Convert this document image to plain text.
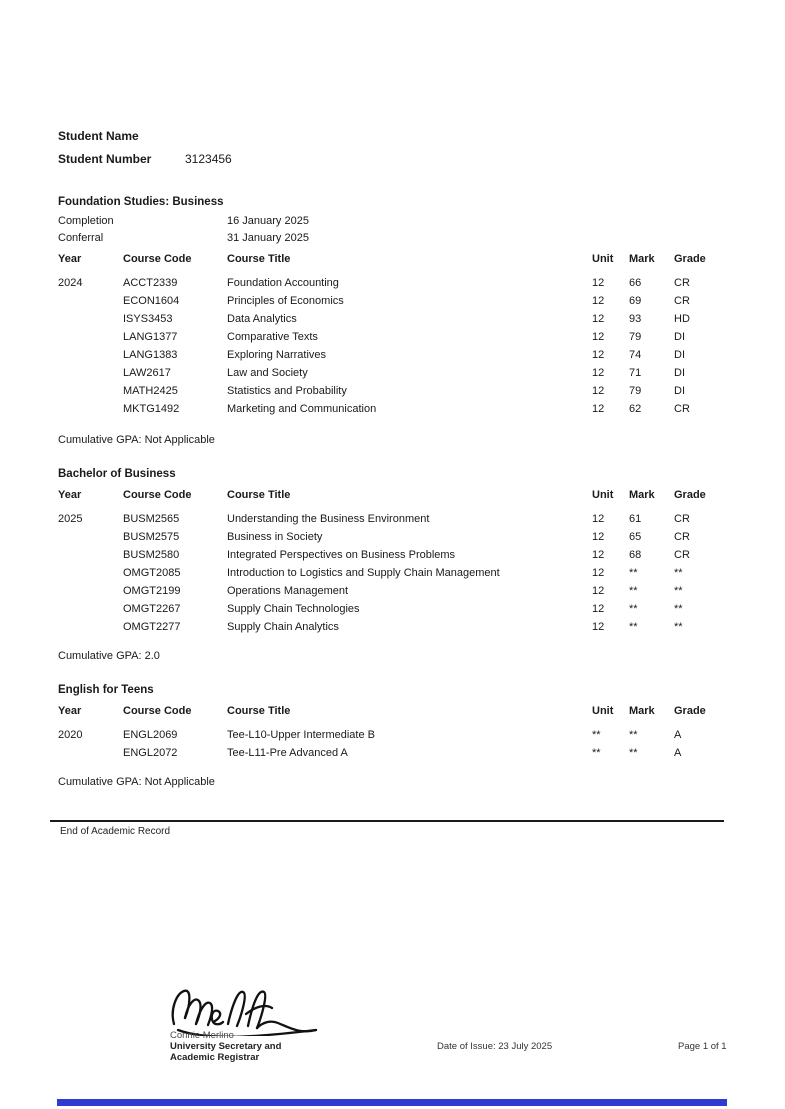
Student Name
Student Number	3123456
Foundation Studies: Business
Completion	16 January 2025
Conferral	31 January 2025
Year	Course Code	Course Title	Unit	Mark	Grade
2024	ACCT2339	Foundation Accounting	12	66	CR
ECON1604	Principles of Economics	12	69	CR
ISYS3453	Data Analytics	12	93	HD
LANG1377	Comparative Texts	12	79	DI
LANG1383	Exploring Narratives	12	74	DI
LAW2617	Law and Society	12	71	DI
MATH2425	Statistics and Probability	12	79	DI
MKTG1492	Marketing and Communication	12	62	CR
Cumulative GPA: Not Applicable
Bachelor of Business
Year	Course Code	Course Title	Unit	Mark	Grade
2025	BUSM2565	Understanding the Business Environment	12	61	CR
BUSM2575	Business in Society	12	65	CR
BUSM2580	Integrated Perspectives on Business Problems	12	68	CR
OMGT2085	Introduction to Logistics and Supply Chain Management	12	**	**
OMGT2199	Operations Management	12	**	**
OMGT2267	Supply Chain Technologies	12	**	**
OMGT2277	Supply Chain Analytics	12	**	**
Cumulative GPA: 2.0
English for Teens
Year	Course Code	Course Title	Unit	Mark	Grade
2020	ENGL2069	Tee-L10-Upper Intermediate B	**	**	A
ENGL2072	Tee-L11-Pre Advanced A	**	**	A
Cumulative GPA: Not Applicable
End of Academic Record
Connie Merlino
University Secretary and
Academic Registrar
Date of Issue: 23 July 2025	Page 1 of 1
